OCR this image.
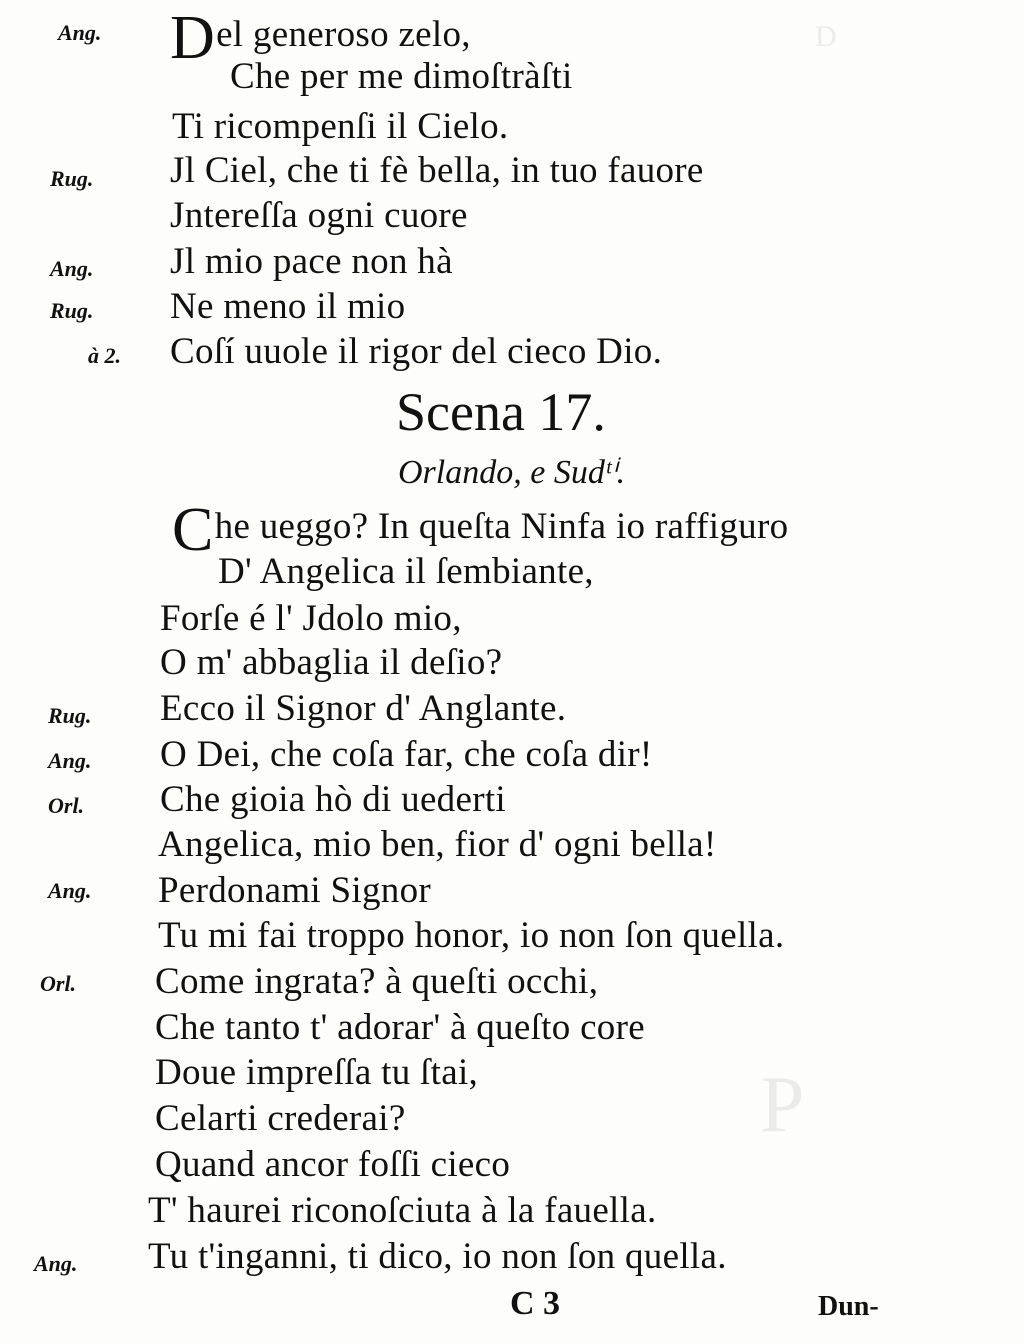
D
P
Ang.
Rug.
Ang.
Rug.
à 2.
Del generoso zelo,
Che per me dimoſtràſti
Ti ricompenſi il Cielo.
Jl Ciel, che ti fè bella, in tuo fauore
Jntereſſa ogni cuore
Jl mio pace non hà
Ne meno il mio
Coſí uuole il rigor del cieco Dio.
Scena 17.
Orlando, e Sudᵗⁱ.
Rug.
Ang.
Orl.
Ang.
Orl.
Ang.
Che ueggo? In queſta Ninfa io raffiguro
D' Angelica il ſembiante,
Forſe é l' Jdolo mio,
O m' abbaglia il deſio?
Ecco il Signor d' Anglante.
O Dei, che coſa far, che coſa dir!
Che gioia hò di uederti
Angelica, mio ben, fior d' ogni bella!
Perdonami Signor
Tu mi fai troppo honor, io non ſon quella.
Come ingrata? à queſti occhi,
Che tanto t' adorar' à queſto core
Doue impreſſa tu ſtai,
Celarti crederai?
Quand ancor foſſi cieco
T' haurei riconoſciuta à la fauella.
Tu t'inganni, ti dico, io non ſon quella.
C 3	Dun-
